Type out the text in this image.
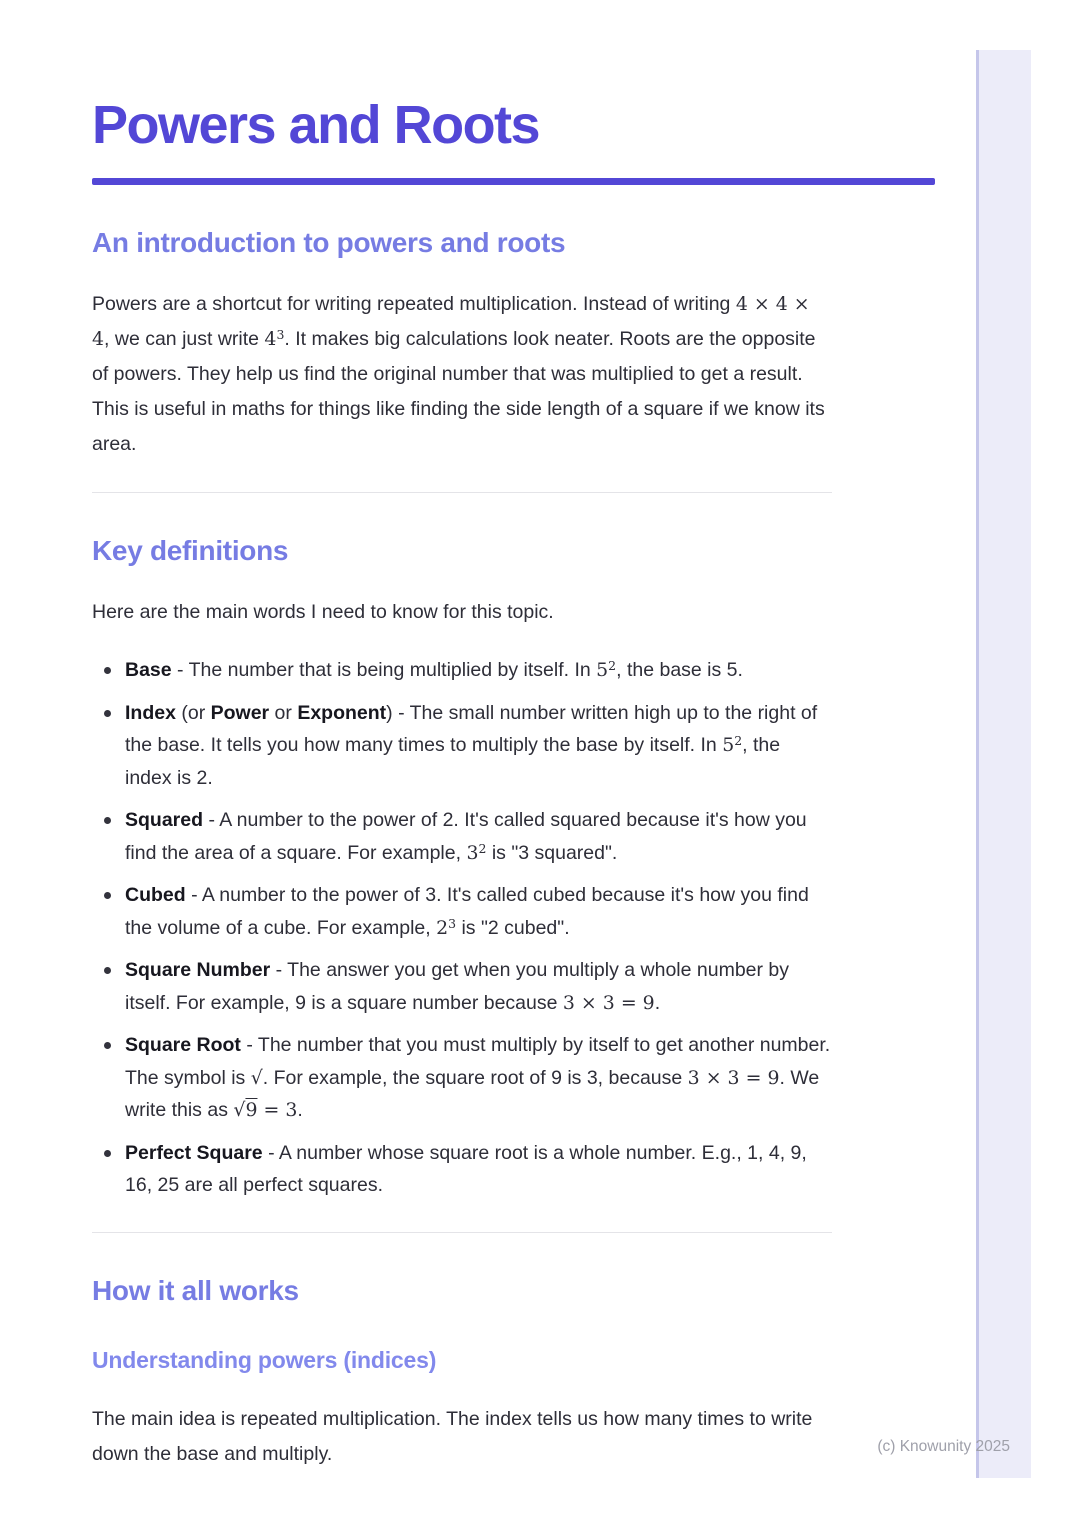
Powers and Roots
An introduction to powers and roots

Powers are a shortcut for writing repeated multiplication. Instead of writing 4 × 4 × 4, we can just write $4^3$. It makes big calculations look neater. Roots are the opposite of powers. They help us find the original number that was multiplied to get a result. This is useful in maths for things like finding the side length of a square if we know its area.

Key definitions

Here are the main words I need to know for this topic.

Base - The number that is being multiplied by itself. In $5^2$, the base is 5.
Index (or Power or Exponent) - The small number written high up to the right of the base. It tells you how many times to multiply the base by itself. In $5^2$, the index is 2.
Squared - A number to the power of 2. It's called squared because it's how you find the area of a square. For example, $3^2$ is "3 squared".
Cubed - A number to the power of 3. It's called cubed because it's how you find the volume of a cube. For example, $2^3$ is "2 cubed".
Square Number - The answer you get when you multiply a whole number by itself. For example, 9 is a square number because 3 × 3 = 9.
Square Root - The number that you must multiply by itself to get another number. The symbol is √. For example, the square root of 9 is 3, because 3 × 3 = 9. We write this as √9 = 3.
Perfect Square - A number whose square root is a whole number. E.g., 1, 4, 9, 16, 25 are all perfect squares.
How it all works
Understanding powers (indices)

The main idea is repeated multiplication. The index tells us how many times to write down the base and multiply.	(c) Knowunity 2025
